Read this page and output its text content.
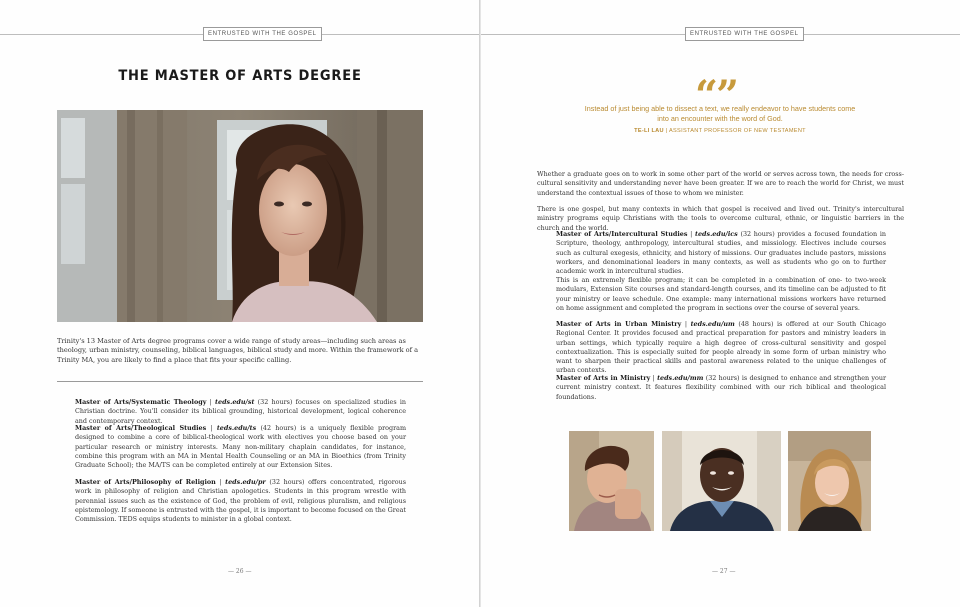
ENTRUSTED WITH THE GOSPEL
THE MASTER OF ARTS DEGREE

Trinity's 13 Master of Arts degree programs cover a wide range of study areas—including such areas as theology, urban ministry, counseling, biblical languages, biblical study and more. Within the framework of a Trinity MA, you are likely to find a place that fits your specific calling.

Master of Arts/Systematic Theology | teds.edu/st (32 hours) focuses on specialized studies in Christian doctrine. You'll consider its biblical grounding, historical development, logical coherence and contemporary context.

Master of Arts/Theological Studies | teds.edu/ts (42 hours) is a uniquely flexible program designed to combine a core of biblical-theological work with electives you choose based on your particular research or ministry interests. Many non-military chaplain candidates, for instance, combine this program with an MA in Mental Health Counseling or an MA in Bioethics (from Trinity Graduate School); the MA/TS can be completed entirely at our Extension Sites.

Master of Arts/Philosophy of Religion | teds.edu/pr (32 hours) offers concentrated, rigorous work in philosophy of religion and Christian apologetics. Students in this program wrestle with perennial issues such as the existence of God, the problem of evil, religious pluralism, and religious epistemology. If someone is entrusted with the gospel, it is important to become focused on the Great Commission. TEDS equips students to minister in a global context.

— 26 —
ENTRUSTED WITH THE GOSPEL
“”

Instead of just being able to dissect a text, we really endeavor to have students come into an encounter with the word of God.

TE-LI LAU | ASSISTANT PROFESSOR OF NEW TESTAMENT

Whether a graduate goes on to work in some other part of the world or serves across town, the needs for cross-cultural sensitivity and understanding never have been greater. If we are to reach the world for Christ, we must understand the contextual issues of those to whom we minister.

There is one gospel, but many contexts in which that gospel is received and lived out. Trinity's intercultural ministry programs equip Christians with the tools to overcome cultural, ethnic, or linguistic barriers in the church and the world.

Master of Arts/Intercultural Studies | teds.edu/ics (32 hours) provides a focused foundation in Scripture, theology, anthropology, intercultural studies, and missiology. Electives include courses such as cultural exegesis, ethnicity, and history of missions. Our graduates include pastors, missions workers, and denominational leaders in many contexts, as well as students who go on to further academic work in intercultural studies.

This is an extremely flexible program; it can be completed in a combination of one- to two-week modulars, Extension Site courses and standard-length courses, and its timeline can be adjusted to fit your ministry or leave schedule. One example: many international missions workers have returned on home assignment and completed the program in sections over the course of several years.

Master of Arts in Urban Ministry | teds.edu/um (48 hours) is offered at our South Chicago Regional Center. It provides focused and practical preparation for pastors and ministry leaders in urban settings, which typically require a high degree of cross-cultural sensitivity and gospel contextualization. This is especially suited for people already in some form of urban ministry who want to sharpen their practical skills and pastoral awareness related to the unique challenges of urban contexts.

Master of Arts in Ministry | teds.edu/mm (32 hours) is designed to enhance and strengthen your current ministry context. It features flexibility combined with our rich biblical and theological foundations.

— 27 —
